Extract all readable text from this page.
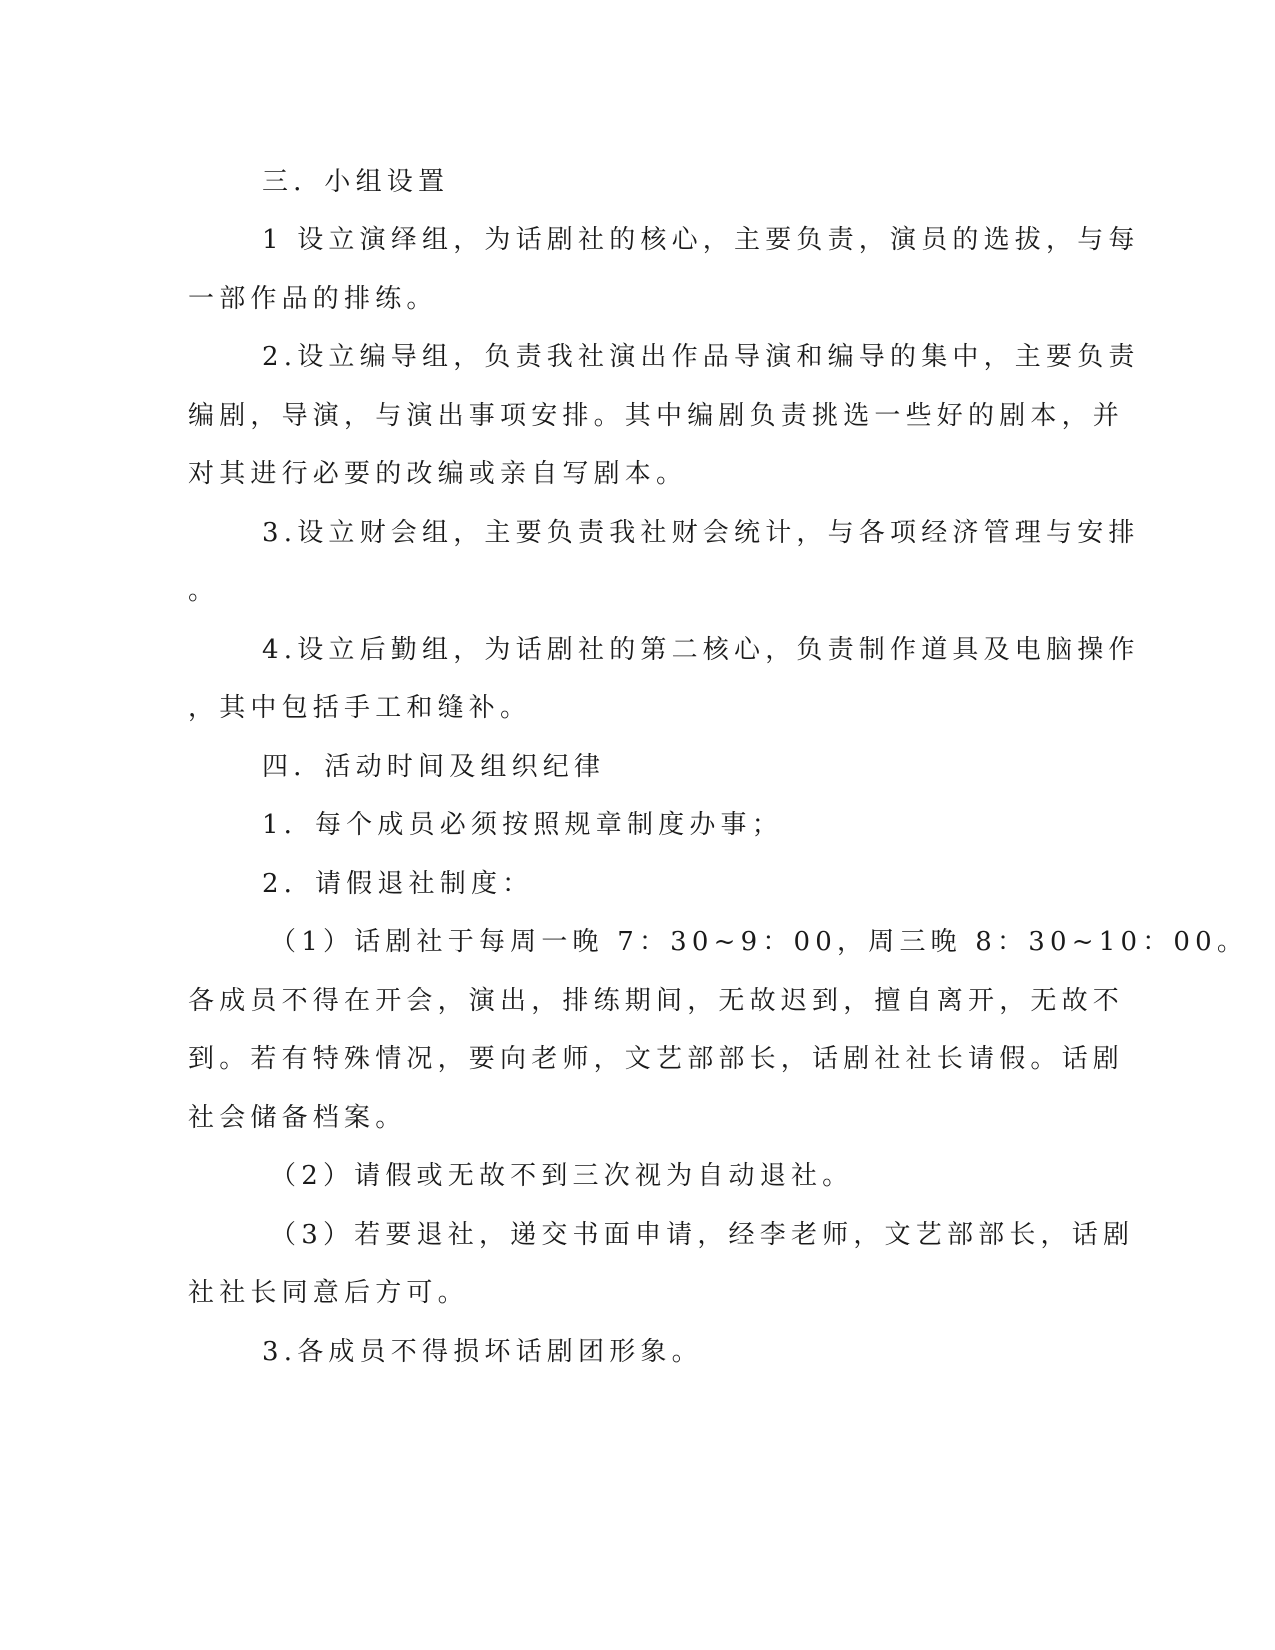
三．小组设置
1 设立演绎组，为话剧社的核心，主要负责，演员的选拔，与每
一部作品的排练。
2.设立编导组，负责我社演出作品导演和编导的集中，主要负责
编剧，导演，与演出事项安排。其中编剧负责挑选一些好的剧本，并
对其进行必要的改编或亲自写剧本。
3.设立财会组，主要负责我社财会统计，与各项经济管理与安排
。
4.设立后勤组，为话剧社的第二核心，负责制作道具及电脑操作
，其中包括手工和缝补。
四．活动时间及组织纪律
1．每个成员必须按照规章制度办事；
2．请假退社制度：
（1）话剧社于每周一晚 7：30~9：00，周三晚 8：30~10：00。
各成员不得在开会，演出，排练期间，无故迟到，擅自离开，无故不
到。若有特殊情况，要向老师，文艺部部长，话剧社社长请假。话剧
社会储备档案。
（2）请假或无故不到三次视为自动退社。
（3）若要退社，递交书面申请，经李老师，文艺部部长，话剧
社社长同意后方可。
3.各成员不得损坏话剧团形象。
